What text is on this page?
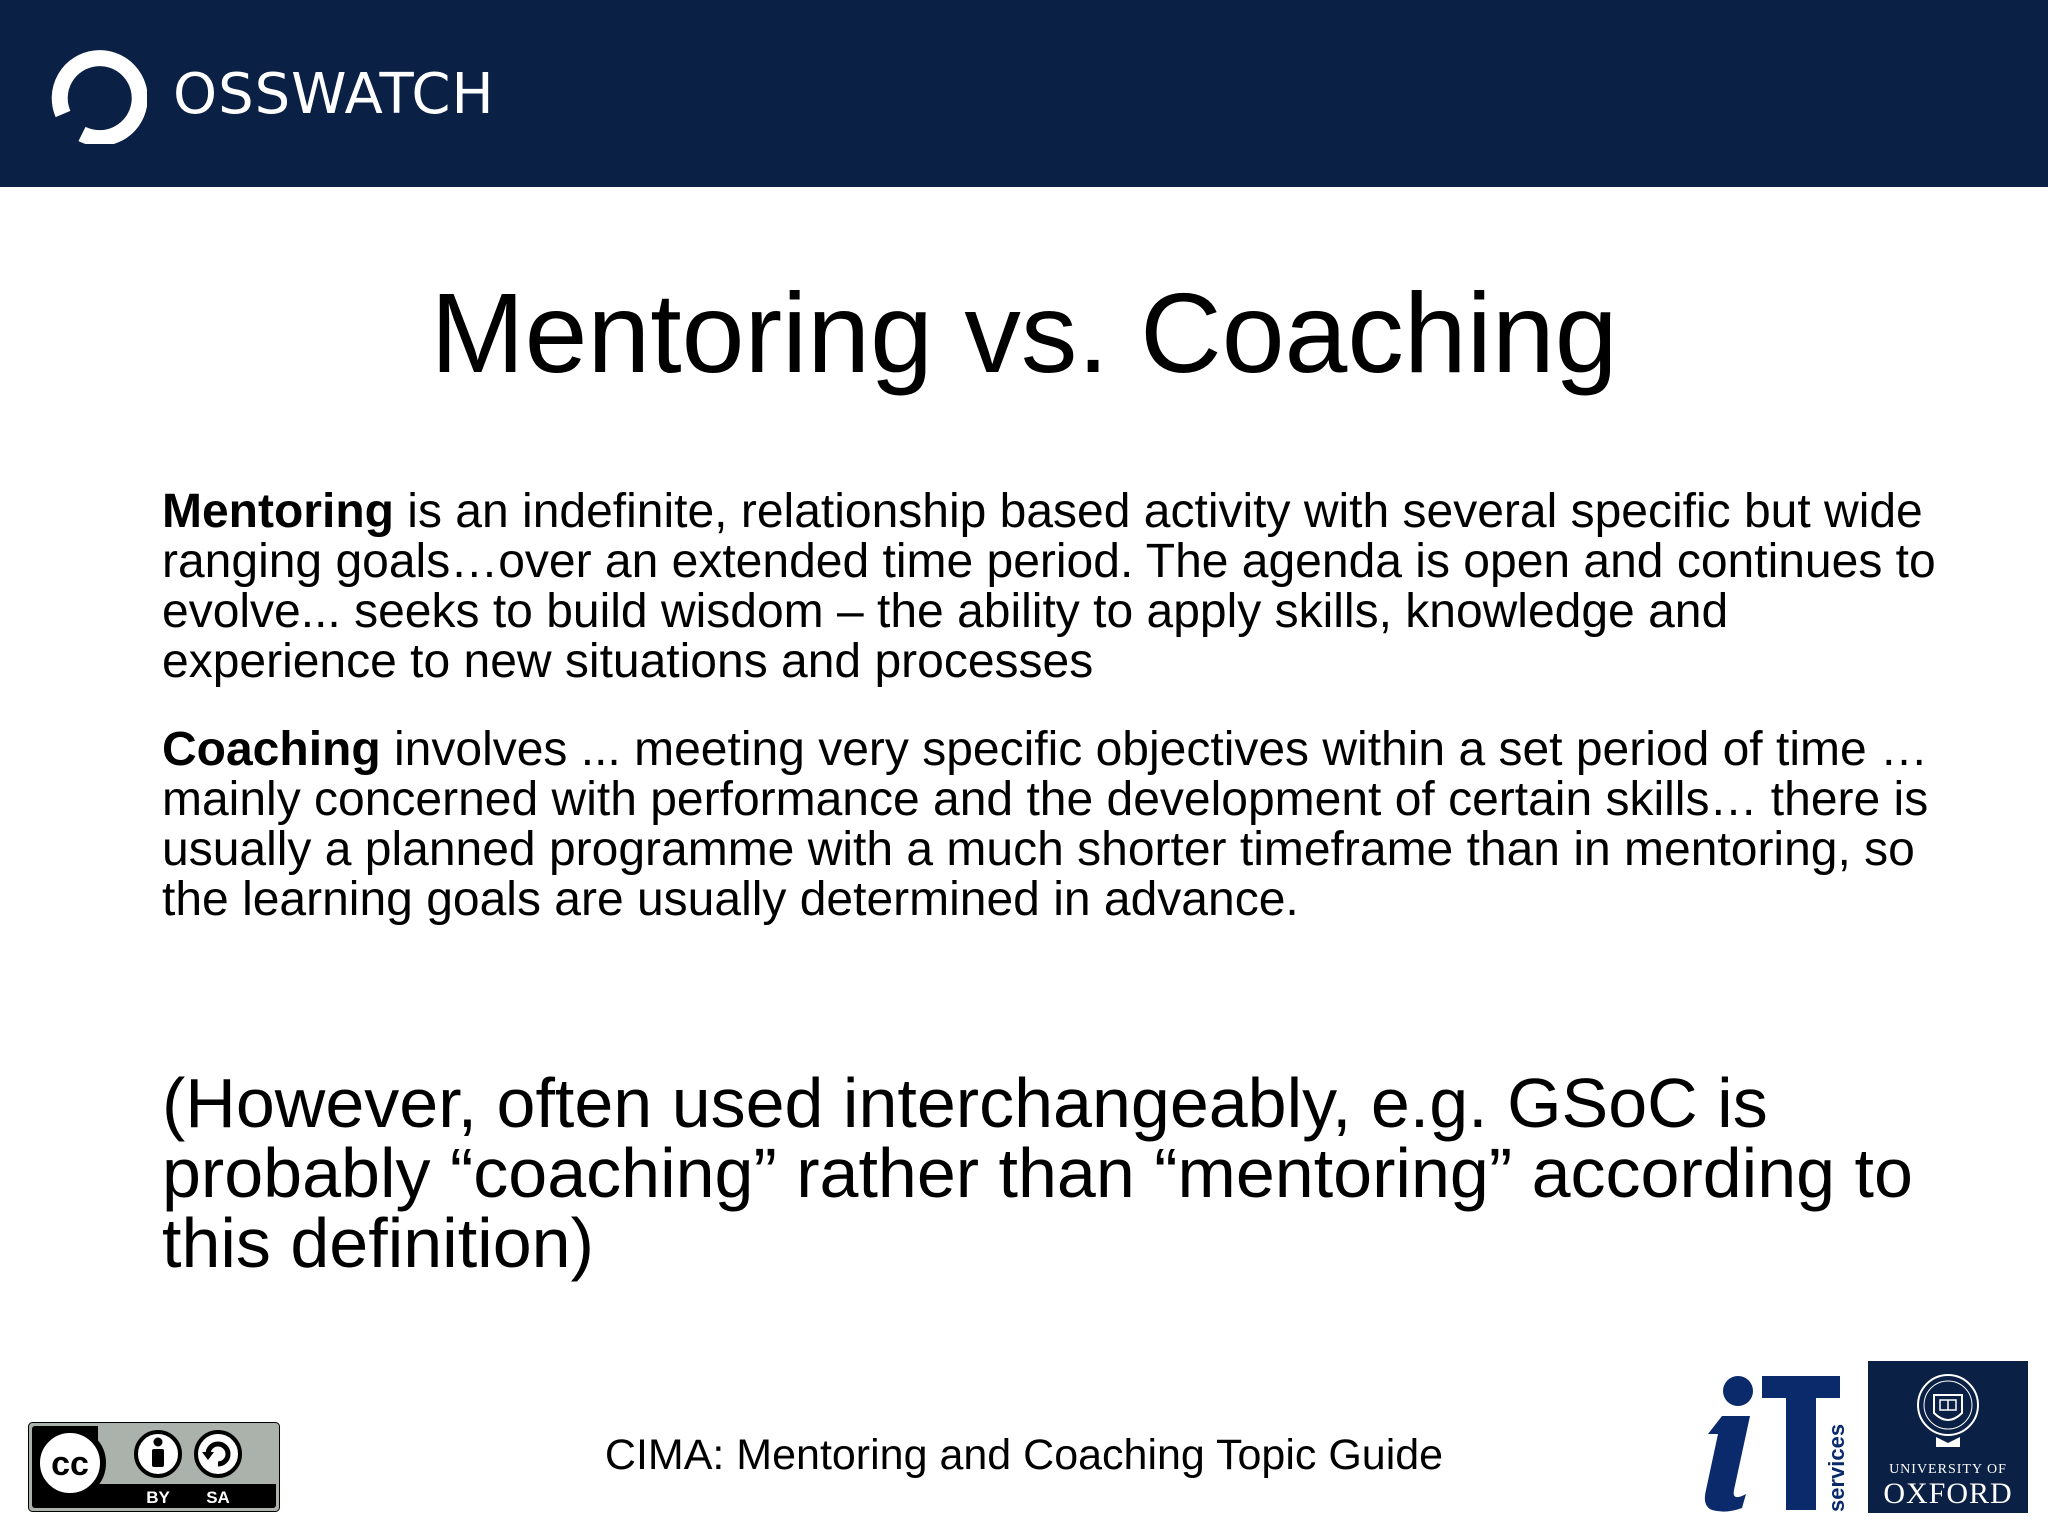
OSSWATCH
Mentoring vs. Coaching

Mentoring is an indefinite, relationship based activity with several specific but wide ranging goals…over an extended time period. The agenda is open and continues to evolve... seeks to build wisdom – the ability to apply skills, knowledge and experience to new situations and processes

Coaching involves ... meeting very specific objectives within a set period of time … mainly concerned with performance and the development of certain skills… there is usually a planned programme with a much shorter timeframe than in mentoring, so the learning goals are usually determined in advance.

(However, often used interchangeably, e.g. GSoC is probably “coaching” rather than “mentoring” according to this definition)

cc
BY SA
CIMA: Mentoring and Coaching Topic Guide	services	UNIVERSITY OF
OXFORD
